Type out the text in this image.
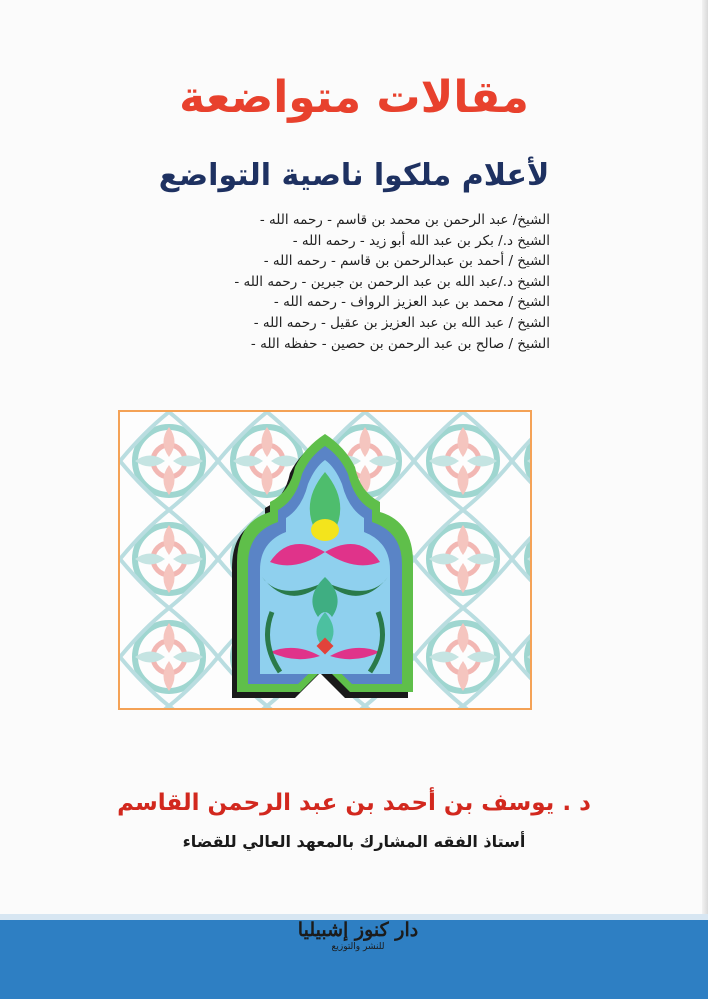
مقالات متواضعة
لأعلام ملكوا ناصية التواضع
الشيخ/ عبد الرحمن بن محمد بن قاسم - رحمه الله -
الشيخ د./ بكر بن عبد الله أبو زيد - رحمه الله -
الشيخ / أحمد بن عبدالرحمن بن قاسم - رحمه الله -
الشيخ د./عبد الله بن عبد الرحمن بن جبرين - رحمه الله -
الشيخ / محمد بن عبد العزيز الرواف - رحمه الله -
الشيخ / عبد الله بن عبد العزيز بن عقيل - رحمه الله -
الشيخ / صالح بن عبد الرحمن بن حصين - حفظه الله -
د . يوسف بن أحمد بن عبد الرحمن القاسم
أستاذ الفقه المشارك بالمعهد العالي للقضاء
دار كنوز إشبيليا
للنشر والتوزيع
